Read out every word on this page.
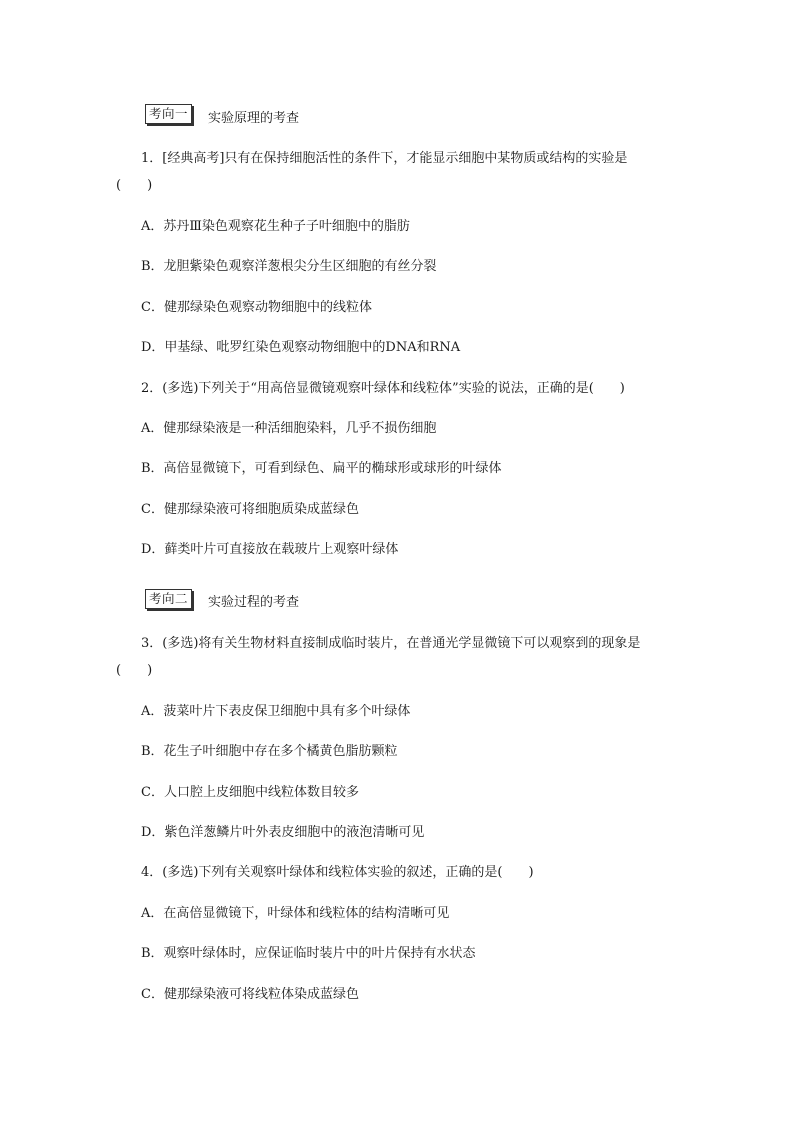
考向一	实验原理的考查
1．[经典高考]只有在保持细胞活性的条件下，才能显示细胞中某物质或结构的实验是
(　　)
A．苏丹Ⅲ染色观察花生种子子叶细胞中的脂肪
B．龙胆紫染色观察洋葱根尖分生区细胞的有丝分裂
C．健那绿染色观察动物细胞中的线粒体
D．甲基绿、吡罗红染色观察动物细胞中的DNA和RNA
2．(多选)下列关于“用高倍显微镜观察叶绿体和线粒体”实验的说法，正确的是(　　)
A．健那绿染液是一种活细胞染料，几乎不损伤细胞
B．高倍显微镜下，可看到绿色、扁平的椭球形或球形的叶绿体
C．健那绿染液可将细胞质染成蓝绿色
D．藓类叶片可直接放在载玻片上观察叶绿体
考向二	实验过程的考查
3．(多选)将有关生物材料直接制成临时装片，在普通光学显微镜下可以观察到的现象是
(　　)
A．菠菜叶片下表皮保卫细胞中具有多个叶绿体
B．花生子叶细胞中存在多个橘黄色脂肪颗粒
C．人口腔上皮细胞中线粒体数目较多
D．紫色洋葱鳞片叶外表皮细胞中的液泡清晰可见
4．(多选)下列有关观察叶绿体和线粒体实验的叙述，正确的是(　　)
A．在高倍显微镜下，叶绿体和线粒体的结构清晰可见
B．观察叶绿体时，应保证临时装片中的叶片保持有水状态
C．健那绿染液可将线粒体染成蓝绿色
